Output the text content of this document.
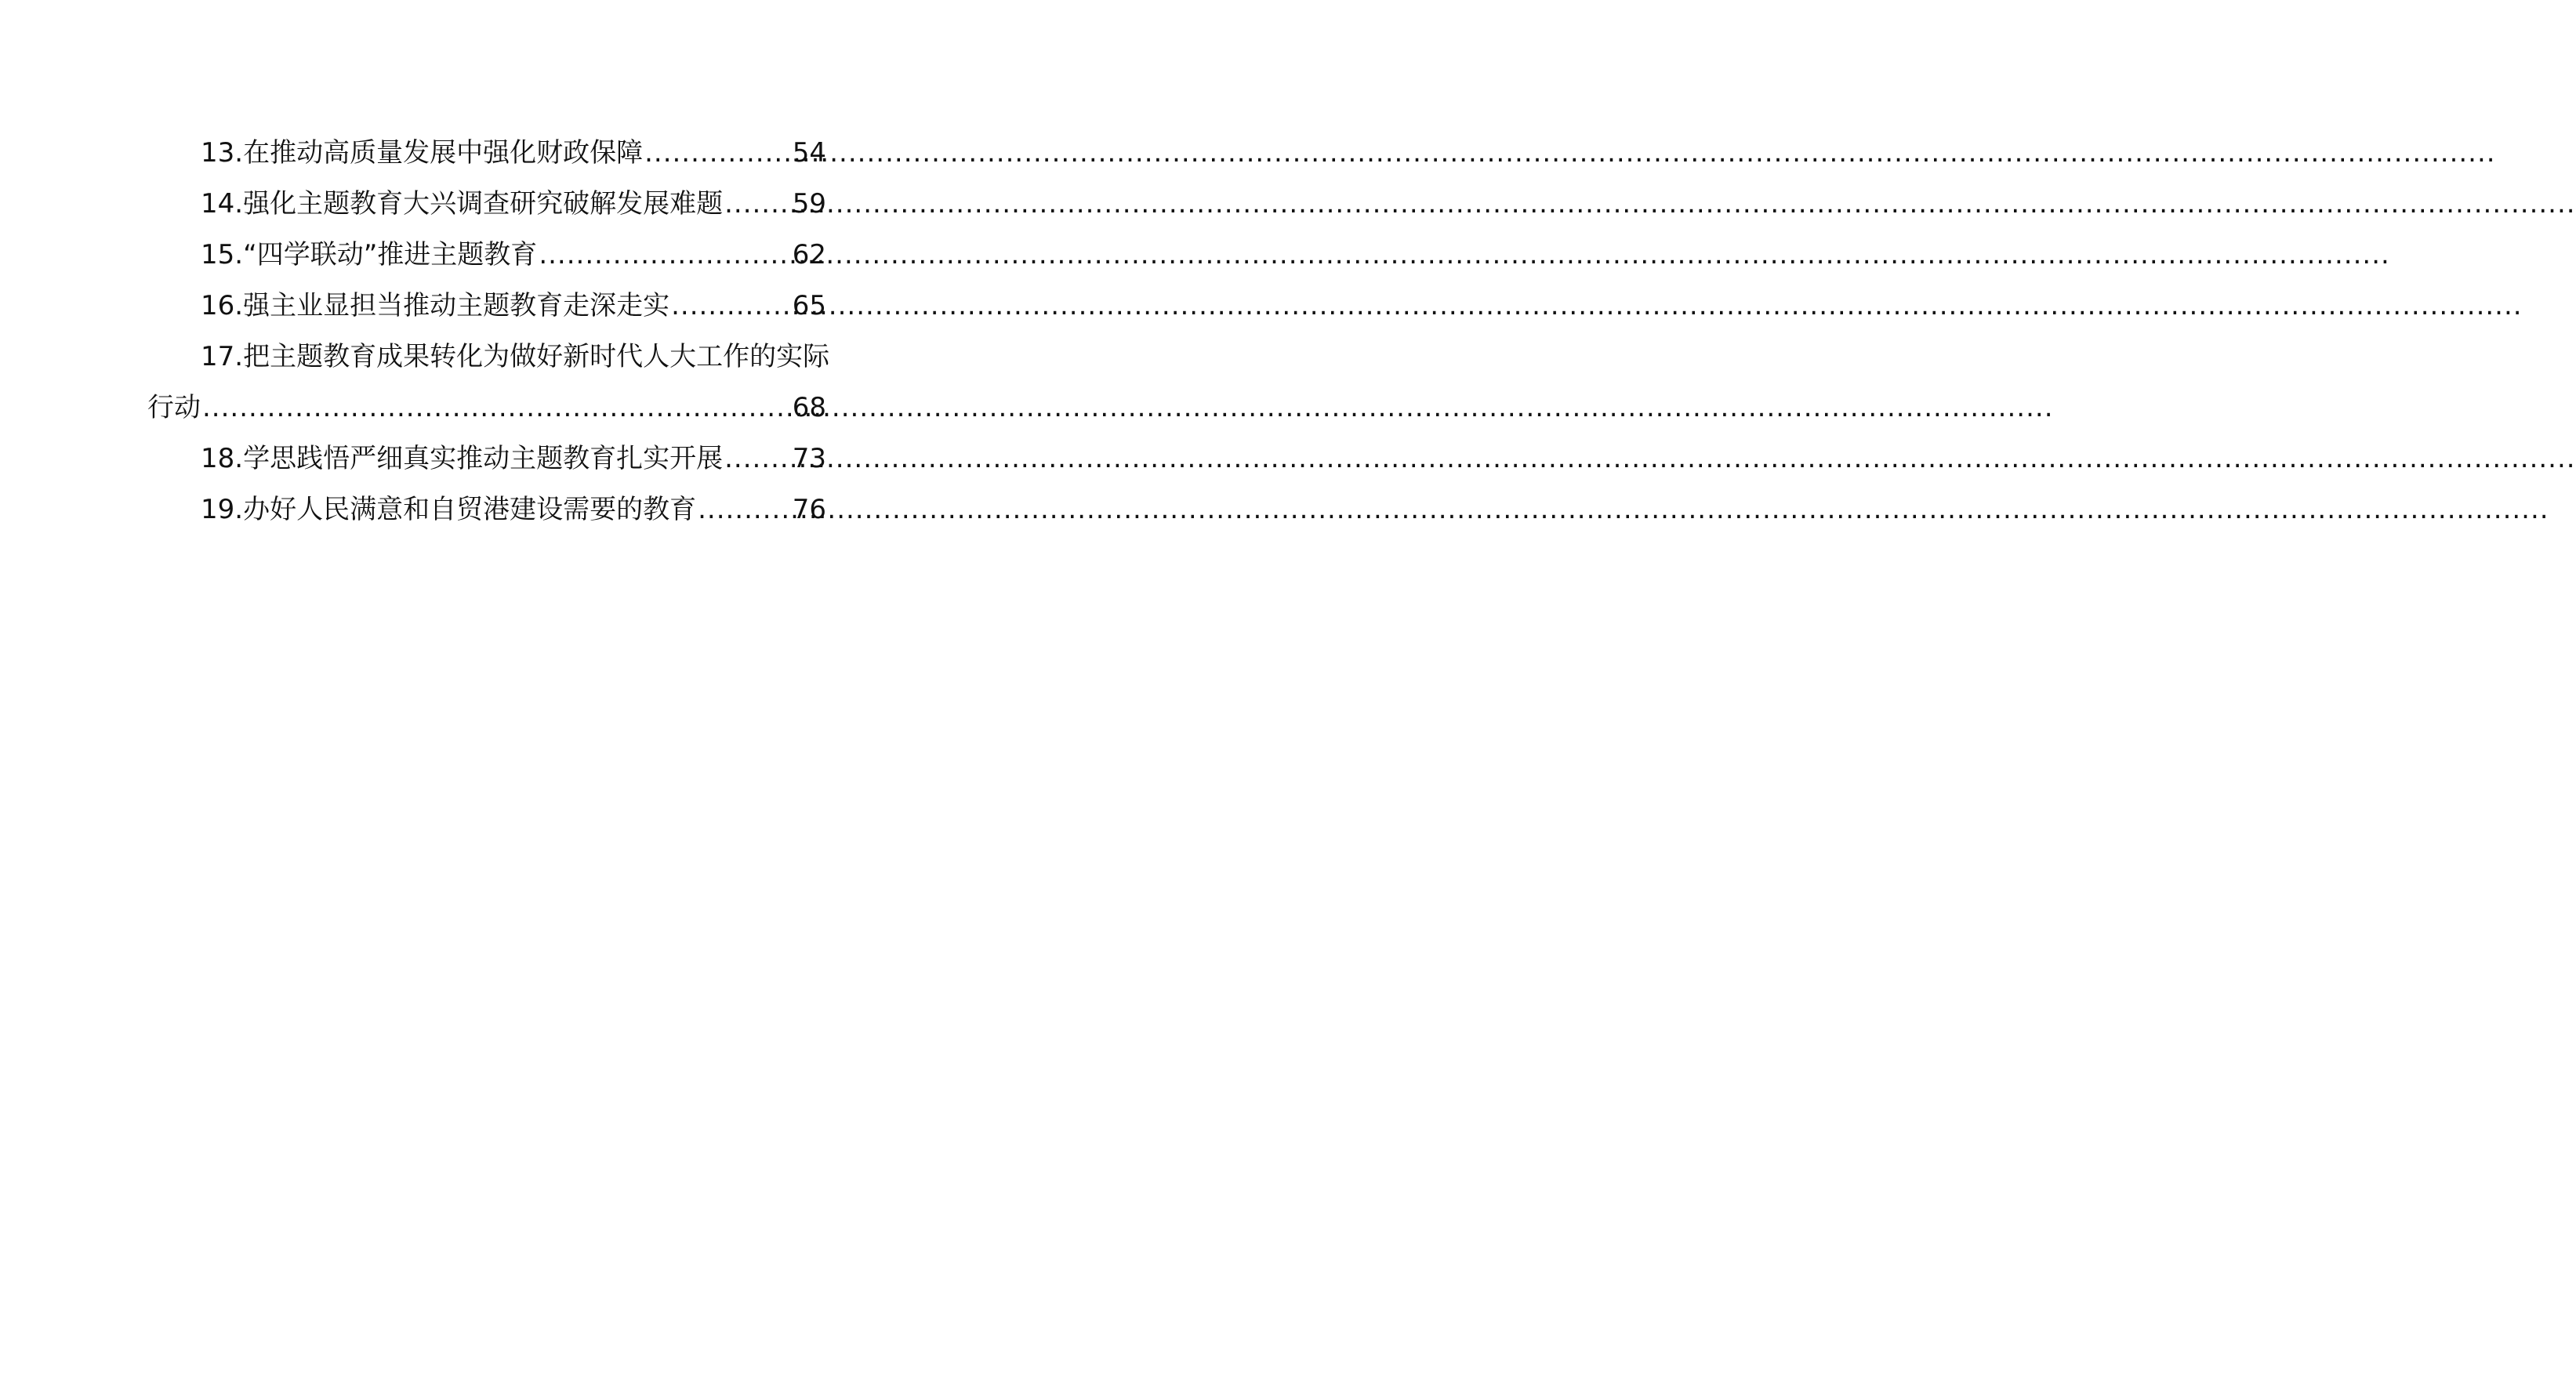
13.在推动高质量发展中强化财政保障 .....	54
14.强化主题教育大兴调查研究破解发展难题 .....	59
15.“四学联动”推进主题教育 .....	62
16.强主业显担当推动主题教育走深走实 .....	65
17.把主题教育成果转化为做好新时代人大工作的实际
行动 .....	68
18.学思践悟严细真实推动主题教育扎实开展 .....	73
19.办好人民满意和自贸港建设需要的教育 .....	76
